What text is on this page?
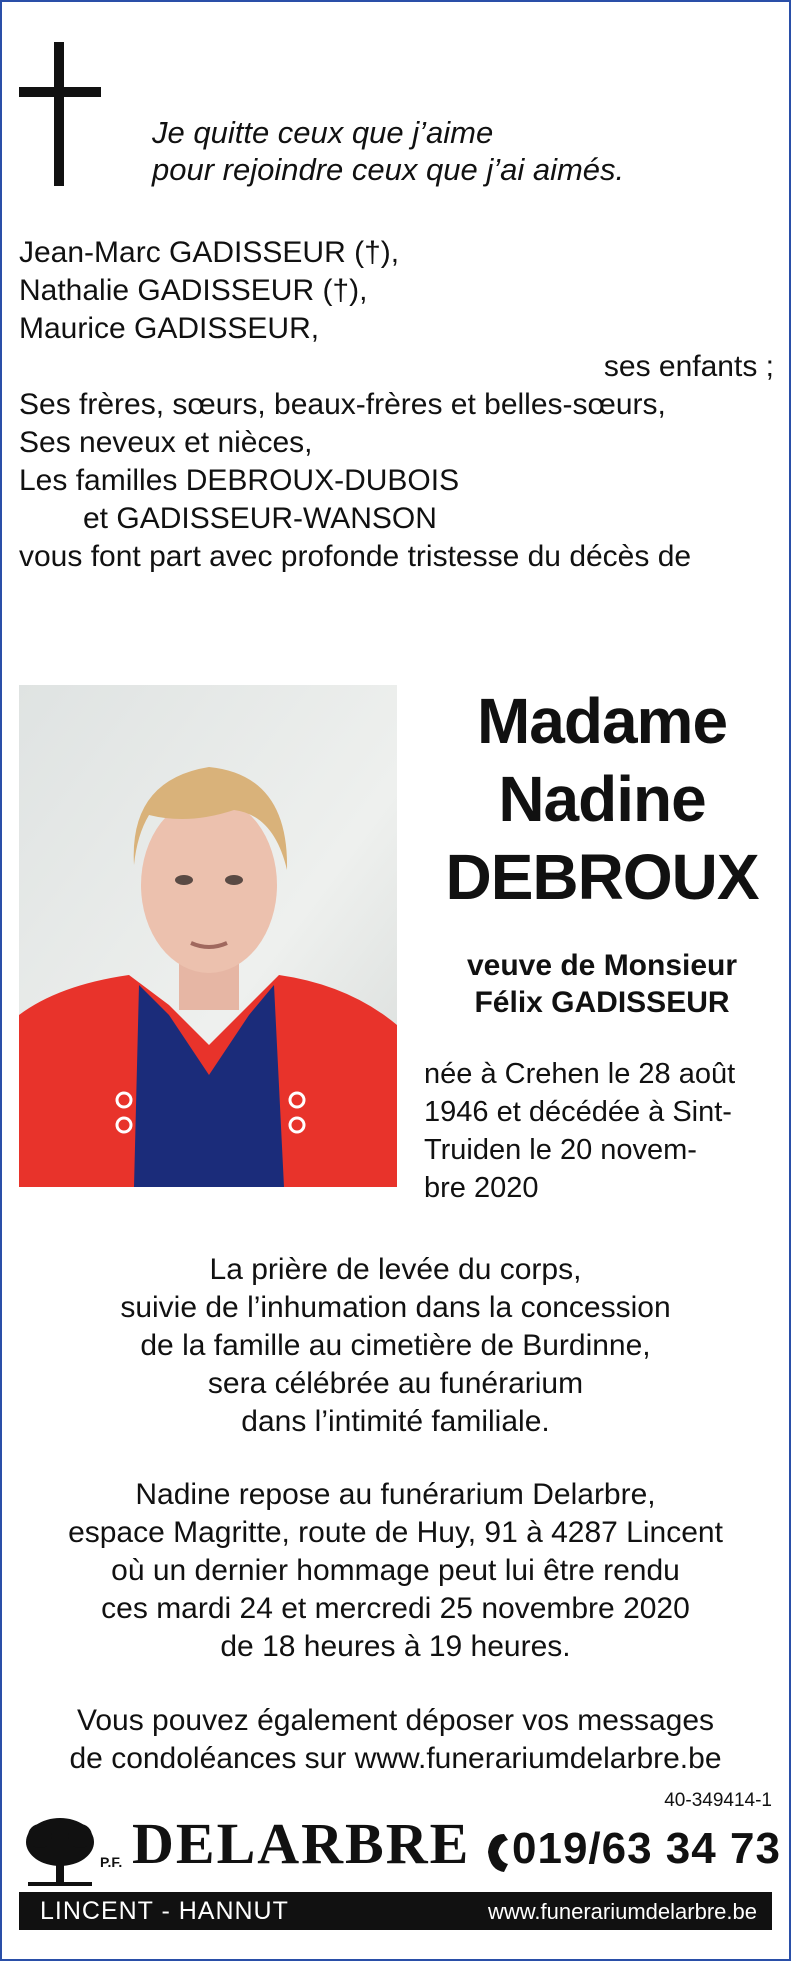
Je quitte ceux que j’aime
pour rejoindre ceux que j’ai aimés.
Jean-Marc GADISSEUR (†),
Nathalie GADISSEUR (†),
Maurice GADISSEUR,
ses enfants ;
Ses frères, sœurs, beaux-frères et belles-sœurs,
Ses neveux et nièces,
Les familles DEBROUX-DUBOIS
et GADISSEUR-WANSON
vous font part avec profonde tristesse du décès de
Madame
Nadine
DEBROUX
veuve de Monsieur
Félix GADISSEUR
née à Crehen le 28 août
1946 et décédée à Sint-
Truiden le 20 novem-
bre 2020
La prière de levée du corps,
suivie de l’inhumation dans la concession
de la famille au cimetière de Burdinne,
sera célébrée au funérarium
dans l’intimité familiale.
Nadine repose au funérarium Delarbre,
espace Magritte, route de Huy, 91 à 4287 Lincent
où un dernier hommage peut lui être rendu
ces mardi 24 et mercredi 25 novembre 2020
de 18 heures à 19 heures.
Vous pouvez également déposer vos messages
de condoléances sur www.funerariumdelarbre.be
40-349414-1
P.F. DELARBRE 019/63 34 73
LINCENT - HANNUT	www.funerariumdelarbre.be
